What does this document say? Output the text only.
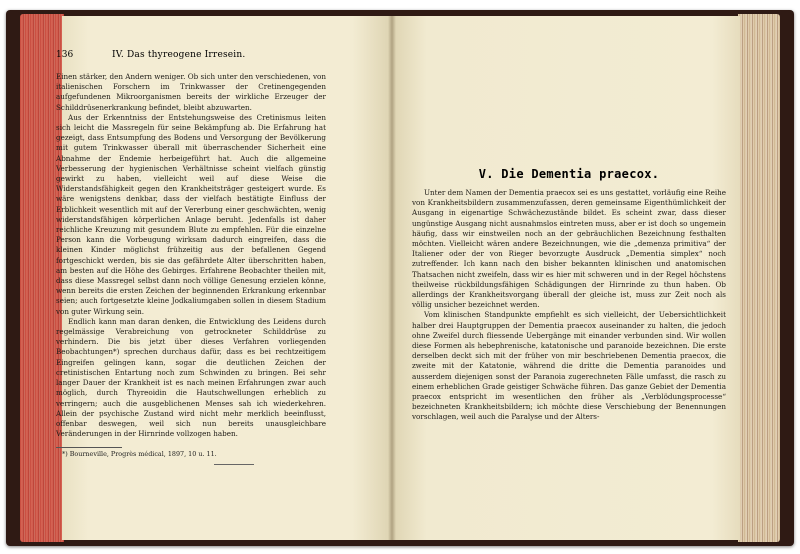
136	IV. Das thyreogene Irresein.

Einen stärker, den Andern weniger. Ob sich unter den verschiedenen, von italienischen Forschern im Trinkwasser der Cretinengegenden aufgefundenen Mikroorganismen bereits der wirkliche Erzeuger der Schilddrüsenerkrankung befindet, bleibt abzuwarten.

Aus der Erkenntniss der Entstehungsweise des Cretinismus leiten sich leicht die Massregeln für seine Bekämpfung ab. Die Erfahrung hat gezeigt, dass Entsumpfung des Bodens und Versorgung der Bevölkerung mit gutem Trinkwasser überall mit überraschender Sicherheit eine Abnahme der Endemie herbeigeführt hat. Auch die allgemeine Verbesserung der hygienischen Verhältnisse scheint vielfach günstig gewirkt zu haben, vielleicht weil auf diese Weise die Widerstandsfähigkeit gegen den Krankheitsträger gesteigert wurde. Es wäre wenigstens denkbar, dass der vielfach bestätigte Einfluss der Erblichkeit wesentlich mit auf der Vererbung einer geschwächten, wenig widerstandsfähigen körperlichen Anlage beruht. Jedenfalls ist daher reichliche Kreuzung mit gesundem Blute zu empfehlen. Für die einzelne Person kann die Vorbeugung wirksam dadurch eingreifen, dass die kleinen Kinder möglichst frühzeitig aus der befallenen Gegend fortgeschickt werden, bis sie das gefährdete Alter überschritten haben, am besten auf die Höhe des Gebirges. Erfahrene Beobachter theilen mit, dass diese Massregel selbst dann noch völlige Genesung erzielen könne, wenn bereits die ersten Zeichen der beginnenden Erkrankung erkennbar seien; auch fortgesetzte kleine Jodkaliumgaben sollen in diesem Stadium von guter Wirkung sein.

Endlich kann man daran denken, die Entwicklung des Leidens durch regelmässige Verabreichung von getrockneter Schilddrüse zu verhindern. Die bis jetzt über dieses Verfahren vorliegenden Beobachtungen*) sprechen durchaus dafür, dass es bei rechtzeitigem Eingreifen gelingen kann, sogar die deutlichen Zeichen der cretinistischen Entartung noch zum Schwinden zu bringen. Bei sehr langer Dauer der Krankheit ist es nach meinen Erfahrungen zwar auch möglich, durch Thyreoidin die Hautschwellungen erheblich zu verringern; auch die ausgeblichenen Menses sah ich wiederkehren. Allein der psychische Zustand wird nicht mehr merklich beeinflusst, offenbar deswegen, weil sich nun bereits unausgleichbare Veränderungen in der Hirnrinde vollzogen haben.

*) Bourneville, Progrès médical, 1897, 10 u. 11.
V. Die Dementia praecox.

Unter dem Namen der Dementia praecox sei es uns gestattet, vorläufig eine Reihe von Krankheitsbildern zusammenzufassen, deren gemeinsame Eigenthümlichkeit der Ausgang in eigenartige Schwächezustände bildet. Es scheint zwar, dass dieser ungünstige Ausgang nicht ausnahmslos eintreten muss, aber er ist doch so ungemein häufig, dass wir einstweilen noch an der gebräuchlichen Bezeichnung festhalten möchten. Vielleicht wären andere Bezeichnungen, wie die „demenza primitiva“ der Italiener oder der von Rieger bevorzugte Ausdruck „Dementia simplex“ noch zutreffender. Ich kann nach den bisher bekannten klinischen und anatomischen Thatsachen nicht zweifeln, dass wir es hier mit schweren und in der Regel höchstens theilweise rückbildungsfähigen Schädigungen der Hirnrinde zu thun haben. Ob allerdings der Krankheitsvorgang überall der gleiche ist, muss zur Zeit noch als völlig unsicher bezeichnet werden.

Vom klinischen Standpunkte empfiehlt es sich vielleicht, der Uebersichtlichkeit halber drei Hauptgruppen der Dementia praecox auseinander zu halten, die jedoch ohne Zweifel durch fliessende Uebergänge mit einander verbunden sind. Wir wollen diese Formen als hebephrenische, katatonische und paranoide bezeichnen. Die erste derselben deckt sich mit der früher von mir beschriebenen Dementia praecox, die zweite mit der Katatonie, während die dritte die Dementia paranoides und ausserdem diejenigen sonst der Paranoia zugerechneten Fälle umfasst, die rasch zu einem erheblichen Grade geistiger Schwäche führen. Das ganze Gebiet der Dementia praecox entspricht im wesentlichen den früher als „Verblödungsprocesse“ bezeichneten Krankheitsbildern; ich möchte diese Verschiebung der Benennungen vorschlagen, weil auch die Paralyse und der Alters-
